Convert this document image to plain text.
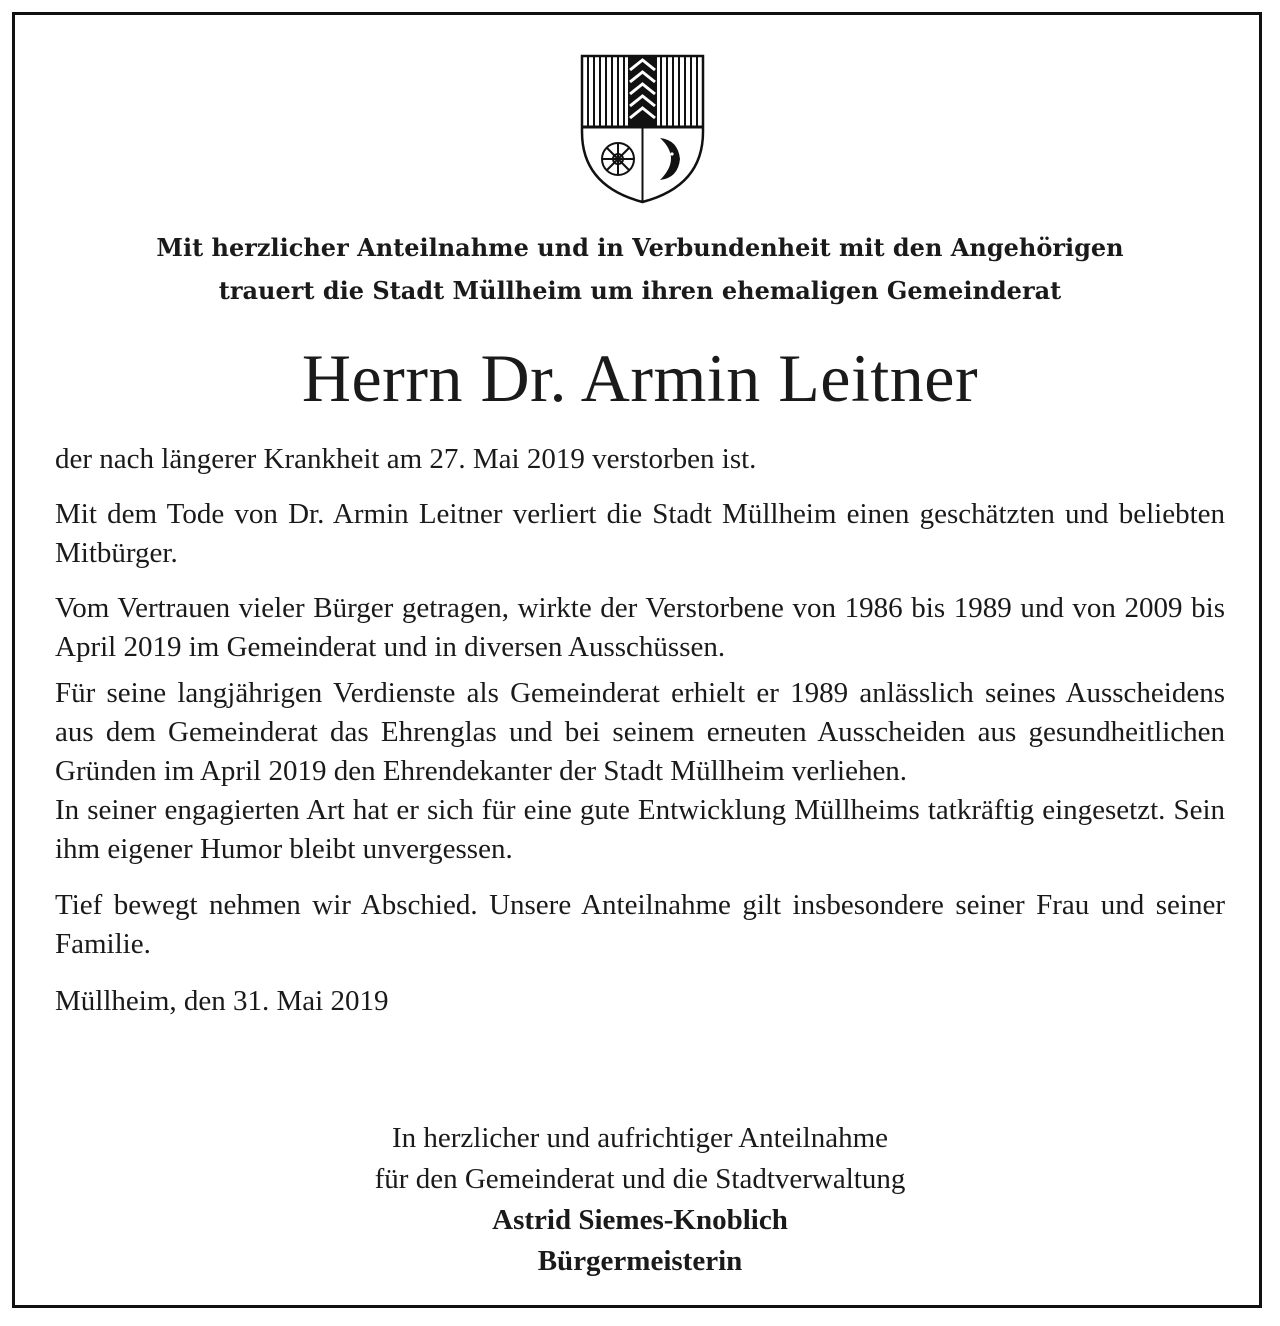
Mit herzlicher Anteilnahme und in Verbundenheit mit den Angehörigen
trauert die Stadt Müllheim um ihren ehemaligen Gemeinderat
Herrn Dr. Armin Leitner

der nach längerer Krankheit am 27. Mai 2019 verstorben ist.

Mit dem Tode von Dr. Armin Leitner verliert die Stadt Müllheim einen geschätzten und beliebten Mitbürger.

Vom Vertrauen vieler Bürger getragen, wirkte der Verstorbene von 1986 bis 1989 und von 2009 bis April 2019 im Gemeinderat und in diversen Ausschüssen.

Für seine langjährigen Verdienste als Gemeinderat erhielt er 1989 anlässlich seines Ausscheidens aus dem Gemeinderat das Ehrenglas und bei seinem erneuten Ausscheiden aus gesundheitlichen Gründen im April 2019 den Ehrendekanter der Stadt Müllheim verliehen.

In seiner engagierten Art hat er sich für eine gute Entwicklung Müllheims tatkräftig eingesetzt. Sein ihm eigener Humor bleibt unvergessen.

Tief bewegt nehmen wir Abschied. Unsere Anteilnahme gilt insbesondere seiner Frau und seiner Familie.

Müllheim, den 31. Mai 2019

In herzlicher und aufrichtiger Anteilnahme
für den Gemeinderat und die Stadtverwaltung
Astrid Siemes-Knoblich
Bürgermeisterin
